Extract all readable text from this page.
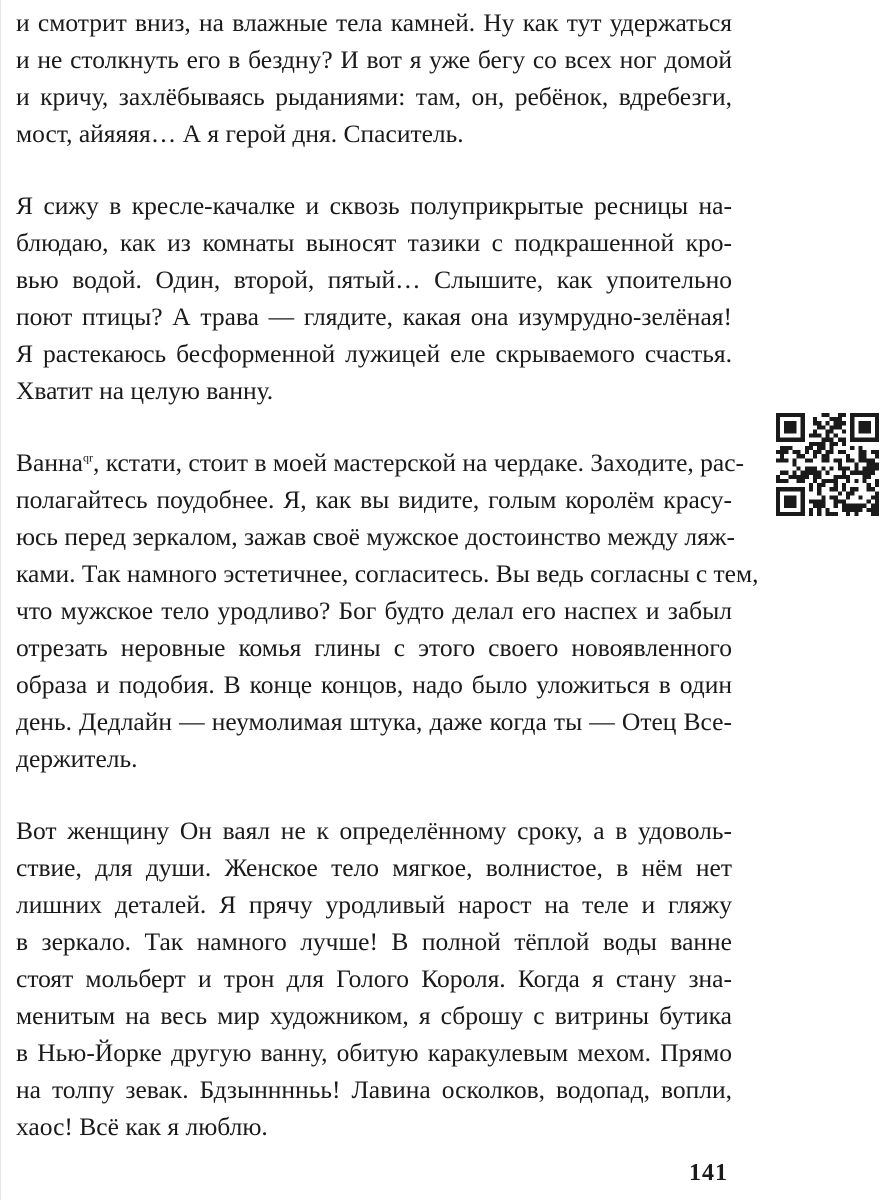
и смотрит вниз, на влажные тела камней. Ну как тут удержаться
и не столкнуть его в бездну? И вот я уже бегу со всех ног домой
и кричу, захлёбываясь рыданиями: там, он, ребёнок, вдребезги,
мост, айяяяя… А я герой дня. Спаситель.
Я сижу в кресле-качалке и сквозь полуприкрытые ресницы на-
блюдаю, как из комнаты выносят тазики с подкрашенной кро-
вью водой. Один, второй, пятый… Слышите, как упоительно
поют птицы? А трава — глядите, какая она изумрудно-зелёная!
Я растекаюсь бесформенной лужицей еле скрываемого счастья.
Хватит на целую ванну.
Ванна$^{qr}$, кстати, стоит в моей мастерской на чердаке. Заходите, рас-
полагайтесь поудобнее. Я, как вы видите, голым королём красу-
юсь перед зеркалом, зажав своё мужское достоинство между ляж-
ками. Так намного эстетичнее, согласитесь. Вы ведь согласны с тем,
что мужское тело уродливо? Бог будто делал его наспех и забыл
отрезать неровные комья глины с этого своего новоявленного
образа и подобия. В конце концов, надо было уложиться в один
день. Дедлайн — неумолимая штука, даже когда ты — Отец Все-
держитель.
Вот женщину Он ваял не к определённому сроку, а в удоволь-
ствие, для души. Женское тело мягкое, волнистое, в нём нет
лишних деталей. Я прячу уродливый нарост на теле и гляжу
в зеркало. Так намного лучше! В полной тёплой воды ванне
стоят мольберт и трон для Голого Короля. Когда я стану зна-
менитым на весь мир художником, я сброшу с витрины бутика
в Нью-Йорке другую ванну, обитую каракулевым мехом. Прямо
на толпу зевак. Бдзынннньь! Лавина осколков, водопад, вопли,
хаос! Всё как я люблю.
141
